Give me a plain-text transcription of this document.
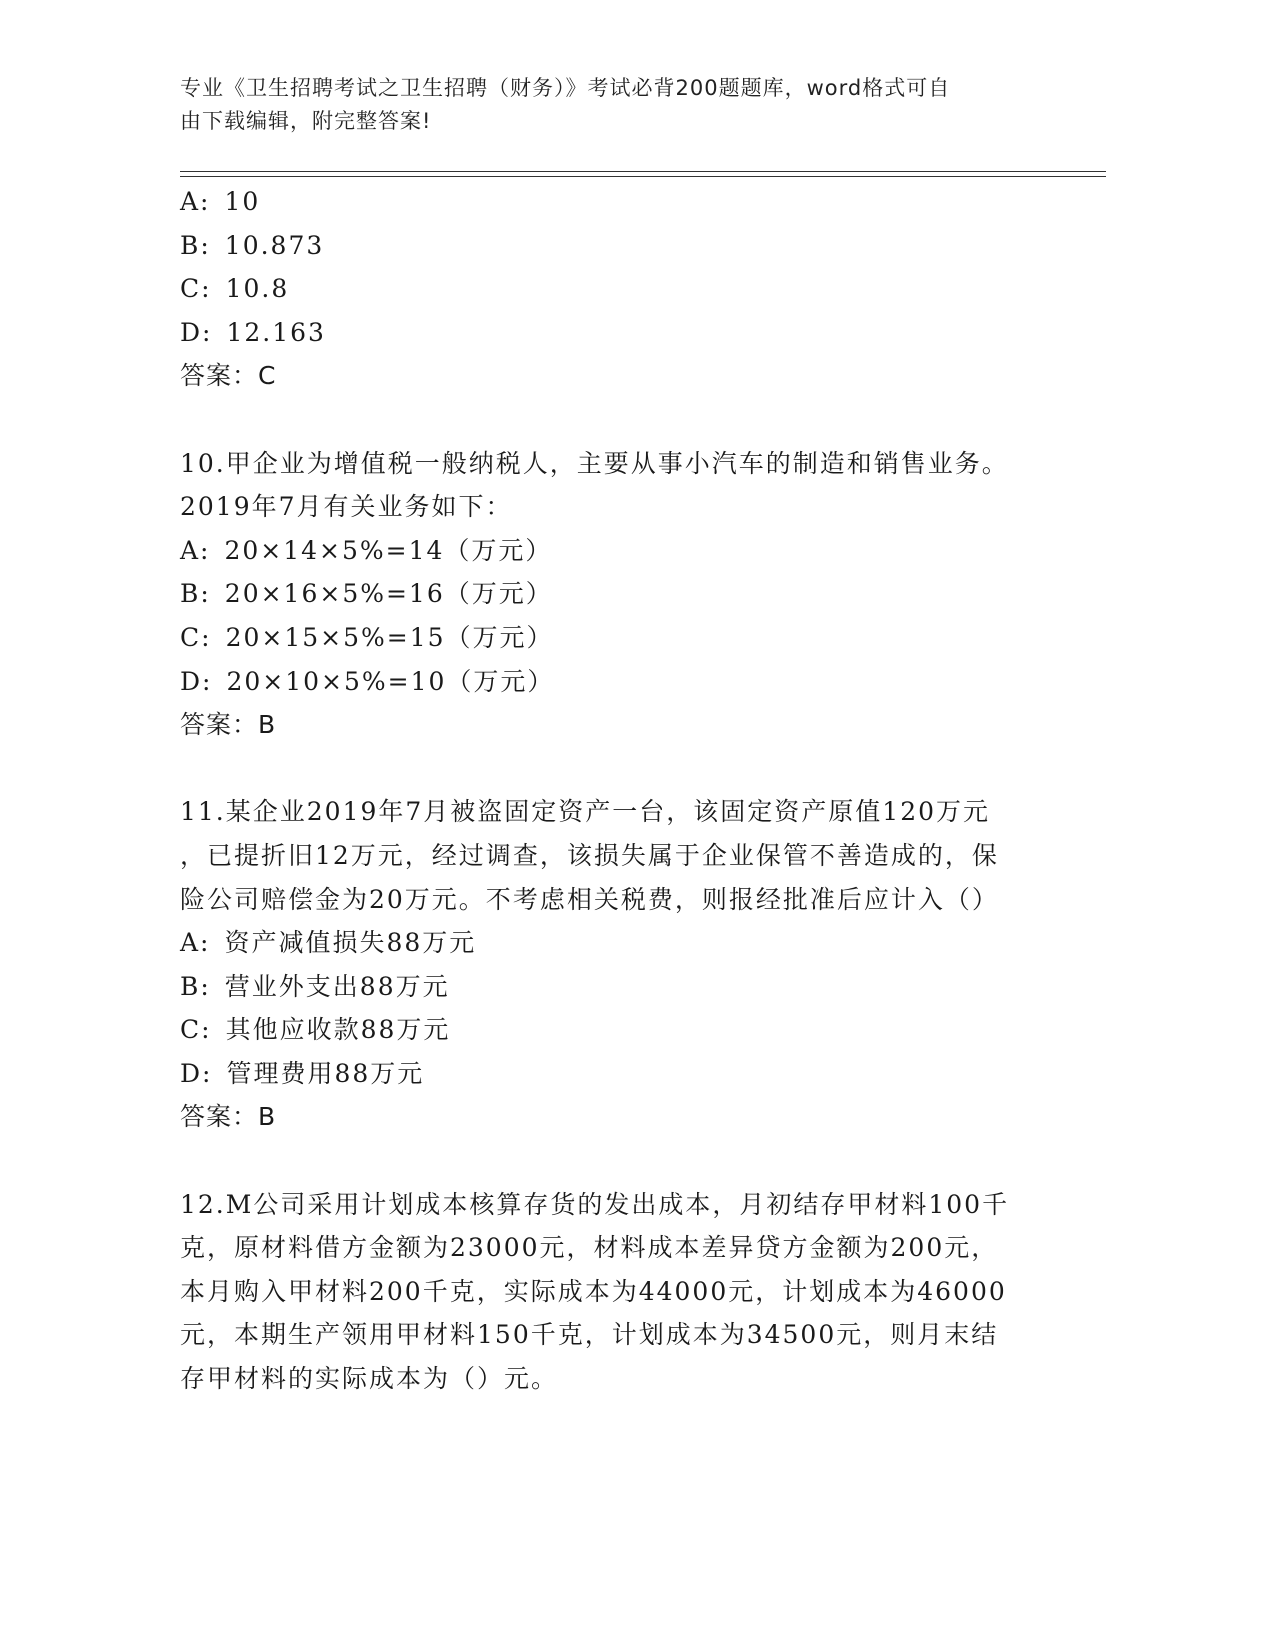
专业《卫生招聘考试之卫生招聘（财务）》考试必背200题题库，word格式可自
由下载编辑，附完整答案!
A: 10
B: 10.873
C: 10.8
D: 12.163
答案：C
10.甲企业为增值税一般纳税人，主要从事小汽车的制造和销售业务。
2019年7月有关业务如下：
A: 20×14×5%=14（万元）
B: 20×16×5%=16（万元）
C: 20×15×5%=15（万元）
D: 20×10×5%=10（万元）
答案：B
11.某企业2019年7月被盗固定资产一台，该固定资产原值120万元
，已提折旧12万元，经过调查，该损失属于企业保管不善造成的，保
险公司赔偿金为20万元。不考虑相关税费，则报经批准后应计入（）
A: 资产减值损失88万元
B: 营业外支出88万元
C: 其他应收款88万元
D: 管理费用88万元
答案：B
12.M公司采用计划成本核算存货的发出成本，月初结存甲材料100千
克，原材料借方金额为23000元，材料成本差异贷方金额为200元，
本月购入甲材料200千克，实际成本为44000元，计划成本为46000
元，本期生产领用甲材料150千克，计划成本为34500元，则月末结
存甲材料的实际成本为（）元。
